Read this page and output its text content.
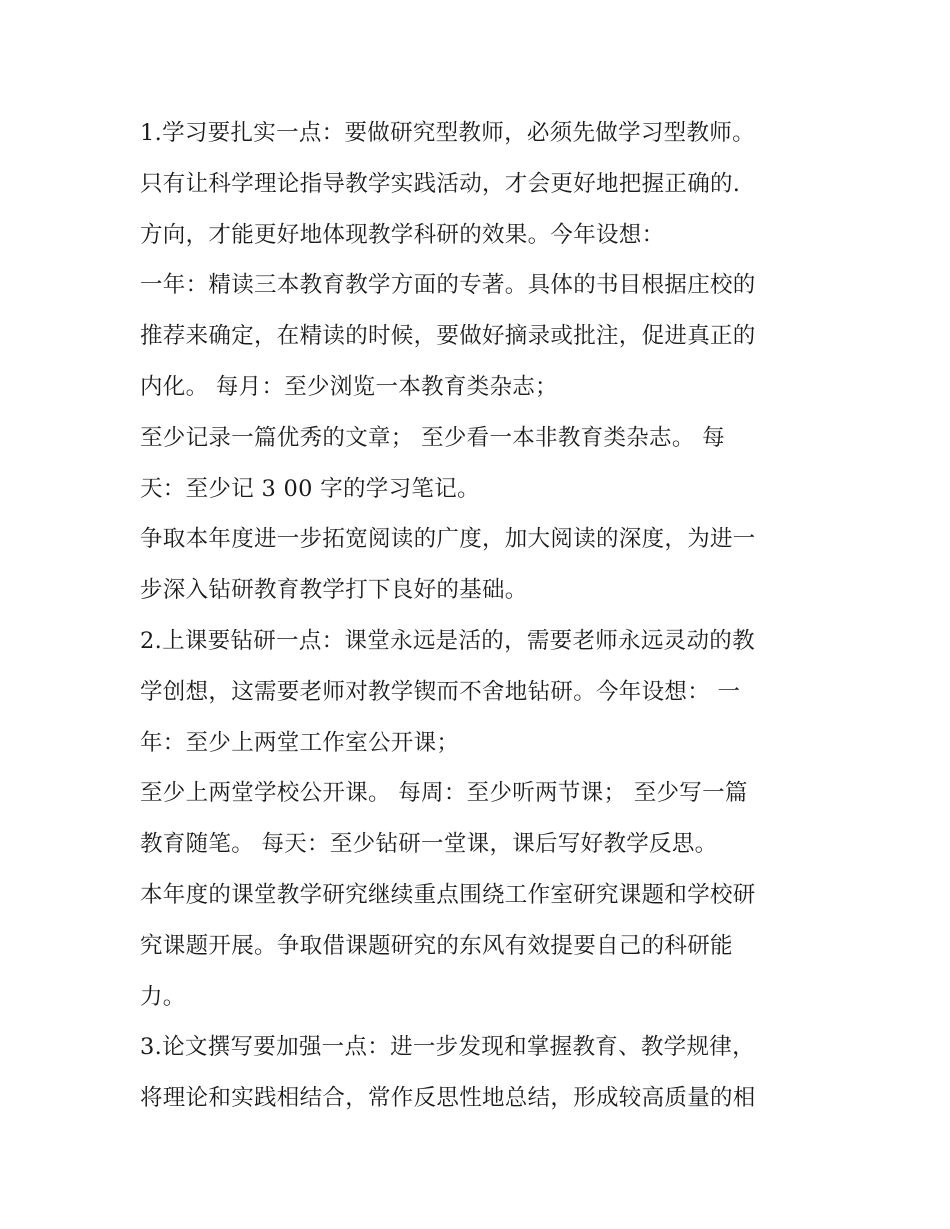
1.学习要扎实一点：要做研究型教师，必须先做学习型教师。
只有让科学理论指导教学实践活动，才会更好地把握正确的.
方向，才能更好地体现教学科研的效果。今年设想：
一年：精读三本教育教学方面的专著。具体的书目根据庄校的
推荐来确定，在精读的时候，要做好摘录或批注，促进真正的
内化。 每月：至少浏览一本教育类杂志；
至少记录一篇优秀的文章； 至少看一本非教育类杂志。 每
天：至少记 3 00 字的学习笔记。
争取本年度进一步拓宽阅读的广度，加大阅读的深度，为进一
步深入钻研教育教学打下良好的基础。
2.上课要钻研一点：课堂永远是活的，需要老师永远灵动的教
学创想，这需要老师对教学锲而不舍地钻研。今年设想： 一
年：至少上两堂工作室公开课；
至少上两堂学校公开课。 每周：至少听两节课； 至少写一篇
教育随笔。 每天：至少钻研一堂课，课后写好教学反思。
本年度的课堂教学研究继续重点围绕工作室研究课题和学校研
究课题开展。争取借课题研究的东风有效提要自己的科研能
力。
3.论文撰写要加强一点：进一步发现和掌握教育、教学规律，
将理论和实践相结合，常作反思性地总结，形成较高质量的相
